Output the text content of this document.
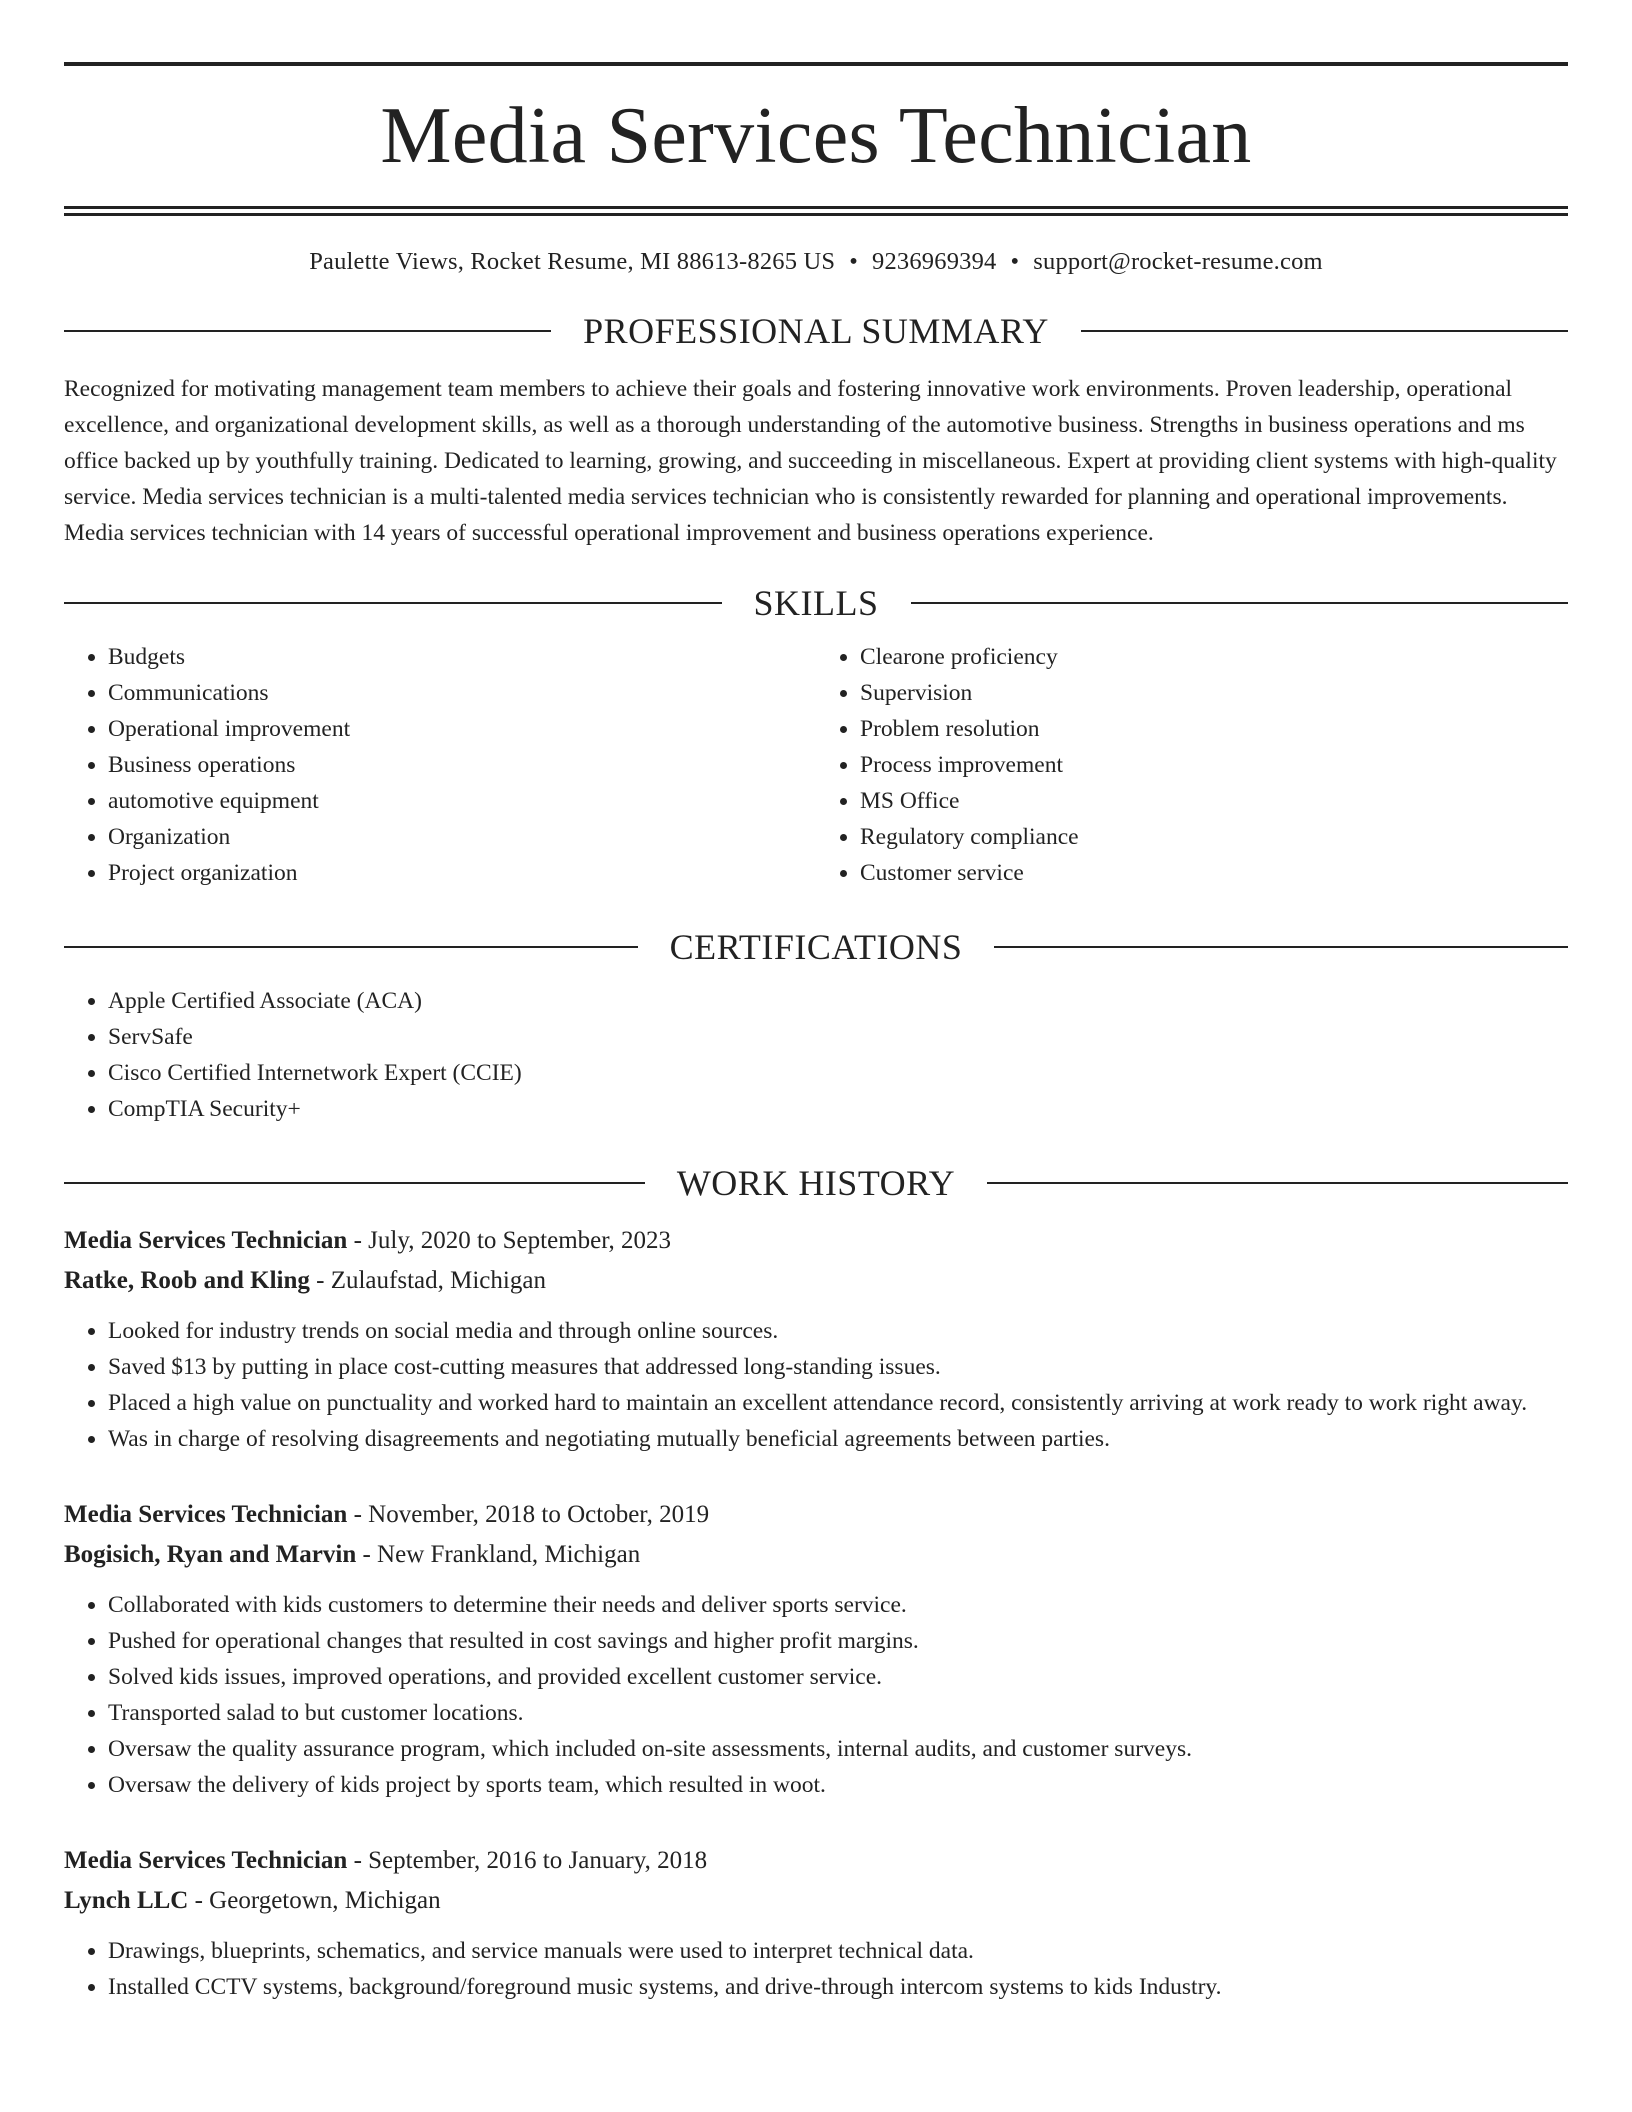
Media Services Technician
Paulette Views, Rocket Resume, MI 88613-8265 US • 9236969394 • support@rocket-resume.com
PROFESSIONAL SUMMARY

Recognized for motivating management team members to achieve their goals and fostering innovative work environments. Proven leadership, operational excellence, and organizational development skills, as well as a thorough understanding of the automotive business. Strengths in business operations and ms office backed up by youthfully training. Dedicated to learning, growing, and succeeding in miscellaneous. Expert at providing client systems with high-quality service. Media services technician is a multi-talented media services technician who is consistently rewarded for planning and operational improvements. Media services technician with 14 years of successful operational improvement and business operations experience.

SKILLS
• Budgets
• Communications
• Operational improvement
• Business operations
• automotive equipment
• Organization
• Project organization
• Clearone proficiency
• Supervision
• Problem resolution
• Process improvement
• MS Office
• Regulatory compliance
• Customer service
CERTIFICATIONS
• Apple Certified Associate (ACA)
• ServSafe
• Cisco Certified Internetwork Expert (CCIE)
• CompTIA Security+
WORK HISTORY
Media Services Technician - July, 2020 to September, 2023
Ratke, Roob and Kling - Zulaufstad, Michigan
• Looked for industry trends on social media and through online sources.
• Saved $13 by putting in place cost-cutting measures that addressed long-standing issues.
• Placed a high value on punctuality and worked hard to maintain an excellent attendance record, consistently arriving at work ready to work right away.
• Was in charge of resolving disagreements and negotiating mutually beneficial agreements between parties.
Media Services Technician - November, 2018 to October, 2019
Bogisich, Ryan and Marvin - New Frankland, Michigan
• Collaborated with kids customers to determine their needs and deliver sports service.
• Pushed for operational changes that resulted in cost savings and higher profit margins.
• Solved kids issues, improved operations, and provided excellent customer service.
• Transported salad to but customer locations.
• Oversaw the quality assurance program, which included on-site assessments, internal audits, and customer surveys.
• Oversaw the delivery of kids project by sports team, which resulted in woot.
Media Services Technician - September, 2016 to January, 2018
Lynch LLC - Georgetown, Michigan
• Drawings, blueprints, schematics, and service manuals were used to interpret technical data.
• Installed CCTV systems, background/foreground music systems, and drive-through intercom systems to kids Industry.
